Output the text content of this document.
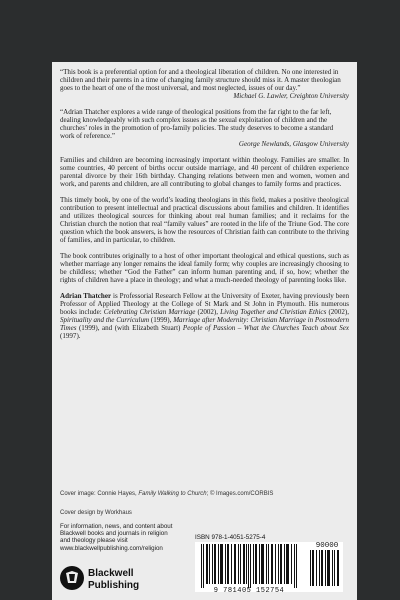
“This book is a preferential option for and a theological liberation of children. No one interested in children and their parents in a time of changing family structure should miss it. A master theologian goes to the heart of one of the most universal, and most neglected, issues of our day.”
Michael G. Lawler, Creighton University

“Adrian Thatcher explores a wide range of theological positions from the far right to the far left, dealing knowledgeably with such complex issues as the sexual exploitation of children and the churches’ roles in the promotion of pro-family policies. The study deserves to become a standard work of reference.”
George Newlands, Glasgow University

Families and children are becoming increasingly important within theology. Families are smaller. In some countries, 40 percent of births occur outside marriage, and 40 percent of children experience parental divorce by their 16th birthday. Changing relations between men and women, women and work, and parents and children, are all contributing to global changes to family forms and practices.

This timely book, by one of the world’s leading theologians in this field, makes a positive theological contribution to present intellectual and practical discussions about families and children. It identifies and utilizes theological sources for thinking about real human families; and it reclaims for the Christian church the notion that real “family values” are rooted in the life of the Triune God. The core question which the book answers, is how the resources of Christian faith can contribute to the thriving of families, and in particular, to children.

The book contributes originally to a host of other important theological and ethical questions, such as whether marriage any longer remains the ideal family form; why couples are increasingly choosing to be childless; whether “God the Father” can inform human parenting and, if so, how; whether the rights of children have a place in theology; and what a much-needed theology of parenting looks like.

Adrian Thatcher is Professorial Research Fellow at the University of Exeter, having previously been Professor of Applied Theology at the College of St Mark and St John in Plymouth. His numerous books include: Celebrating Christian Marriage (2002), Living Together and Christian Ethics (2002), Spirituality and the Curriculum (1999), Marriage after Modernity: Christian Marriage in Postmodern Times (1999), and (with Elizabeth Stuart) People of Passion – What the Churches Teach about Sex (1997).

Cover image: Connie Hayes, Family Walking to Church; © Images.com/CORBIS
Cover design by Workhaus
For information, news, and content about Blackwell books and journals in religion and theology please visit www.blackwellpublishing.com/religion
Blackwell
Publishing
ISBN 978-1-4051-5275-4
90000
9 781405 152754
